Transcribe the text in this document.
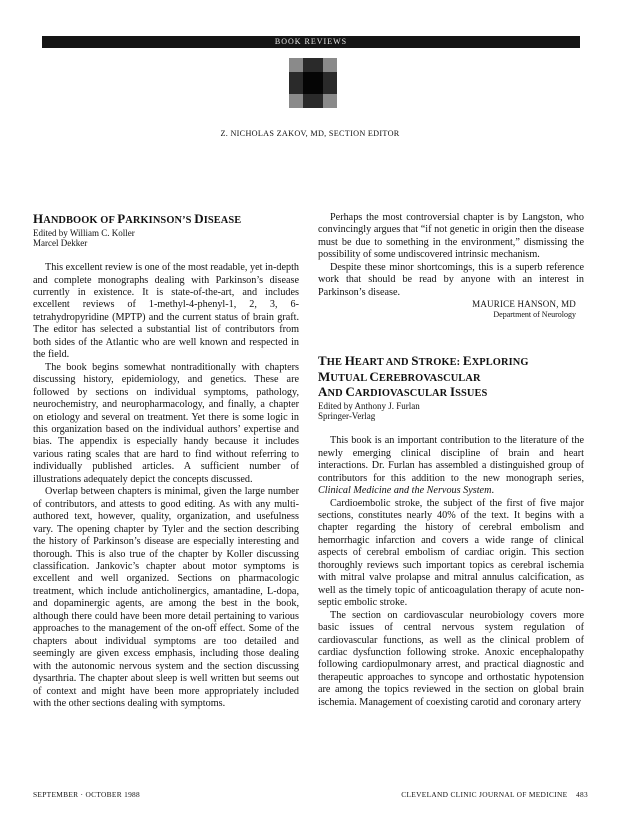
BOOK REVIEWS
Z. NICHOLAS ZAKOV, MD, SECTION EDITOR
HANDBOOK OF PARKINSON’S DISEASE

Edited by William C. Koller

Marcel Dekker

This excellent review is one of the most readable, yet in-depth and complete monographs dealing with Parkinson’s disease currently in existence. It is state-of-the-art, and includes excellent reviews of 1-methyl-4-phenyl-1, 2, 3, 6-tetrahydropyridine (MPTP) and the current status of brain graft. The editor has selected a substantial list of contributors from both sides of the Atlantic who are well known and respected in the field.

The book begins somewhat nontraditionally with chapters discussing history, epidemiology, and genetics. These are followed by sections on individual symptoms, pathology, neurochemistry, and neuropharmacology, and finally, a chapter on etiology and several on treatment. Yet there is some logic in this organization based on the individual authors’ expertise and bias. The appendix is especially handy because it includes various rating scales that are hard to find without referring to individually published articles. A sufficient number of illustrations adequately depict the concepts discussed.

Overlap between chapters is minimal, given the large number of contributors, and attests to good editing. As with any multi-authored text, however, quality, organization, and usefulness vary. The opening chapter by Tyler and the section describing the history of Parkinson’s disease are especially interesting and thorough. This is also true of the chapter by Koller discussing classification. Jankovic’s chapter about motor symptoms is excellent and well organized. Sections on pharmacologic treatment, which include anticholinergics, amantadine, L-dopa, and dopaminergic agents, are among the best in the book, although there could have been more detail pertaining to various approaches to the management of the on-off effect. Some of the chapters about individual symptoms are too detailed and seemingly are given excess emphasis, including those dealing with the autonomic nervous system and the section discussing dysarthria. The chapter about sleep is well written but seems out of context and might have been more appropriately included with the other sections dealing with symptoms.

Perhaps the most controversial chapter is by Langston, who convincingly argues that “if not genetic in origin then the disease must be due to something in the environment,” dismissing the possibility of some undiscovered intrinsic mechanism.

Despite these minor shortcomings, this is a superb reference work that should be read by anyone with an interest in Parkinson’s disease.

MAURICE HANSON, MD

Department of Neurology

THE HEART AND STROKE: EXPLORING
MUTUAL CEREBROVASCULAR
AND CARDIOVASCULAR ISSUES

Edited by Anthony J. Furlan

Springer-Verlag

This book is an important contribution to the literature of the newly emerging clinical discipline of brain and heart interactions. Dr. Furlan has assembled a distinguished group of contributors for this addition to the new monograph series, Clinical Medicine and the Nervous System.

Cardioembolic stroke, the subject of the first of five major sections, constitutes nearly 40% of the text. It begins with a chapter regarding the history of cerebral embolism and hemorrhagic infarction and covers a wide range of clinical aspects of cerebral embolism of cardiac origin. This section thoroughly reviews such important topics as cerebral ischemia with mitral valve prolapse and mitral annulus calcification, as well as the timely topic of anticoagulation therapy of acute non-septic embolic stroke.

The section on cardiovascular neurobiology covers more basic issues of central nervous system regulation of cardiovascular functions, as well as the clinical problem of cardiac dysfunction following stroke. Anoxic encephalopathy following cardiopulmonary arrest, and practical diagnostic and therapeutic approaches to syncope and orthostatic hypotension are among the topics reviewed in the section on global brain ischemia. Management of coexisting carotid and coronary artery

SEPTEMBER · OCTOBER 1988	CLEVELAND CLINIC JOURNAL OF MEDICINE 483
